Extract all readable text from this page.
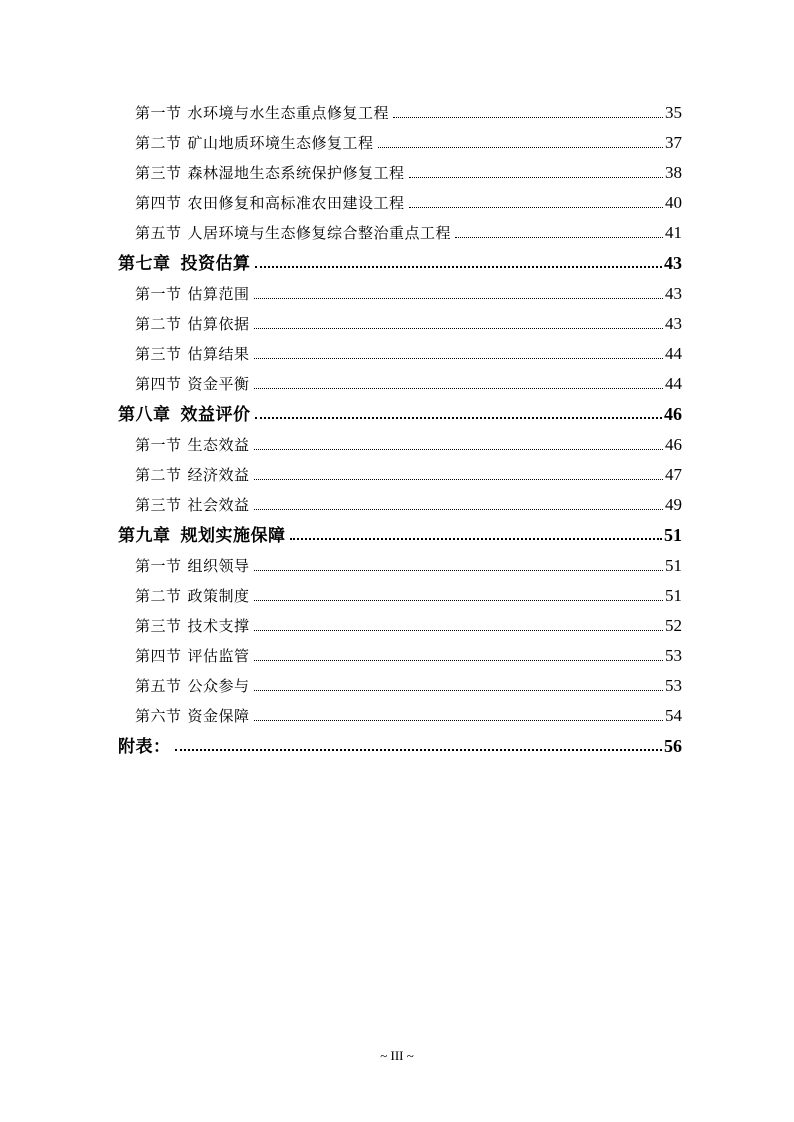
第一节 水环境与水生态重点修复工程	35
第二节 矿山地质环境生态修复工程	37
第三节 森林湿地生态系统保护修复工程	38
第四节 农田修复和高标准农田建设工程	40
第五节 人居环境与生态修复综合整治重点工程	41
第七章 投资估算	43
第一节 估算范围	43
第二节 估算依据	43
第三节 估算结果	44
第四节 资金平衡	44
第八章 效益评价	46
第一节 生态效益	46
第二节 经济效益	47
第三节 社会效益	49
第九章 规划实施保障	51
第一节 组织领导	51
第二节 政策制度	51
第三节 技术支撑	52
第四节 评估监管	53
第五节 公众参与	53
第六节 资金保障	54
附表：	56
~ III ~
